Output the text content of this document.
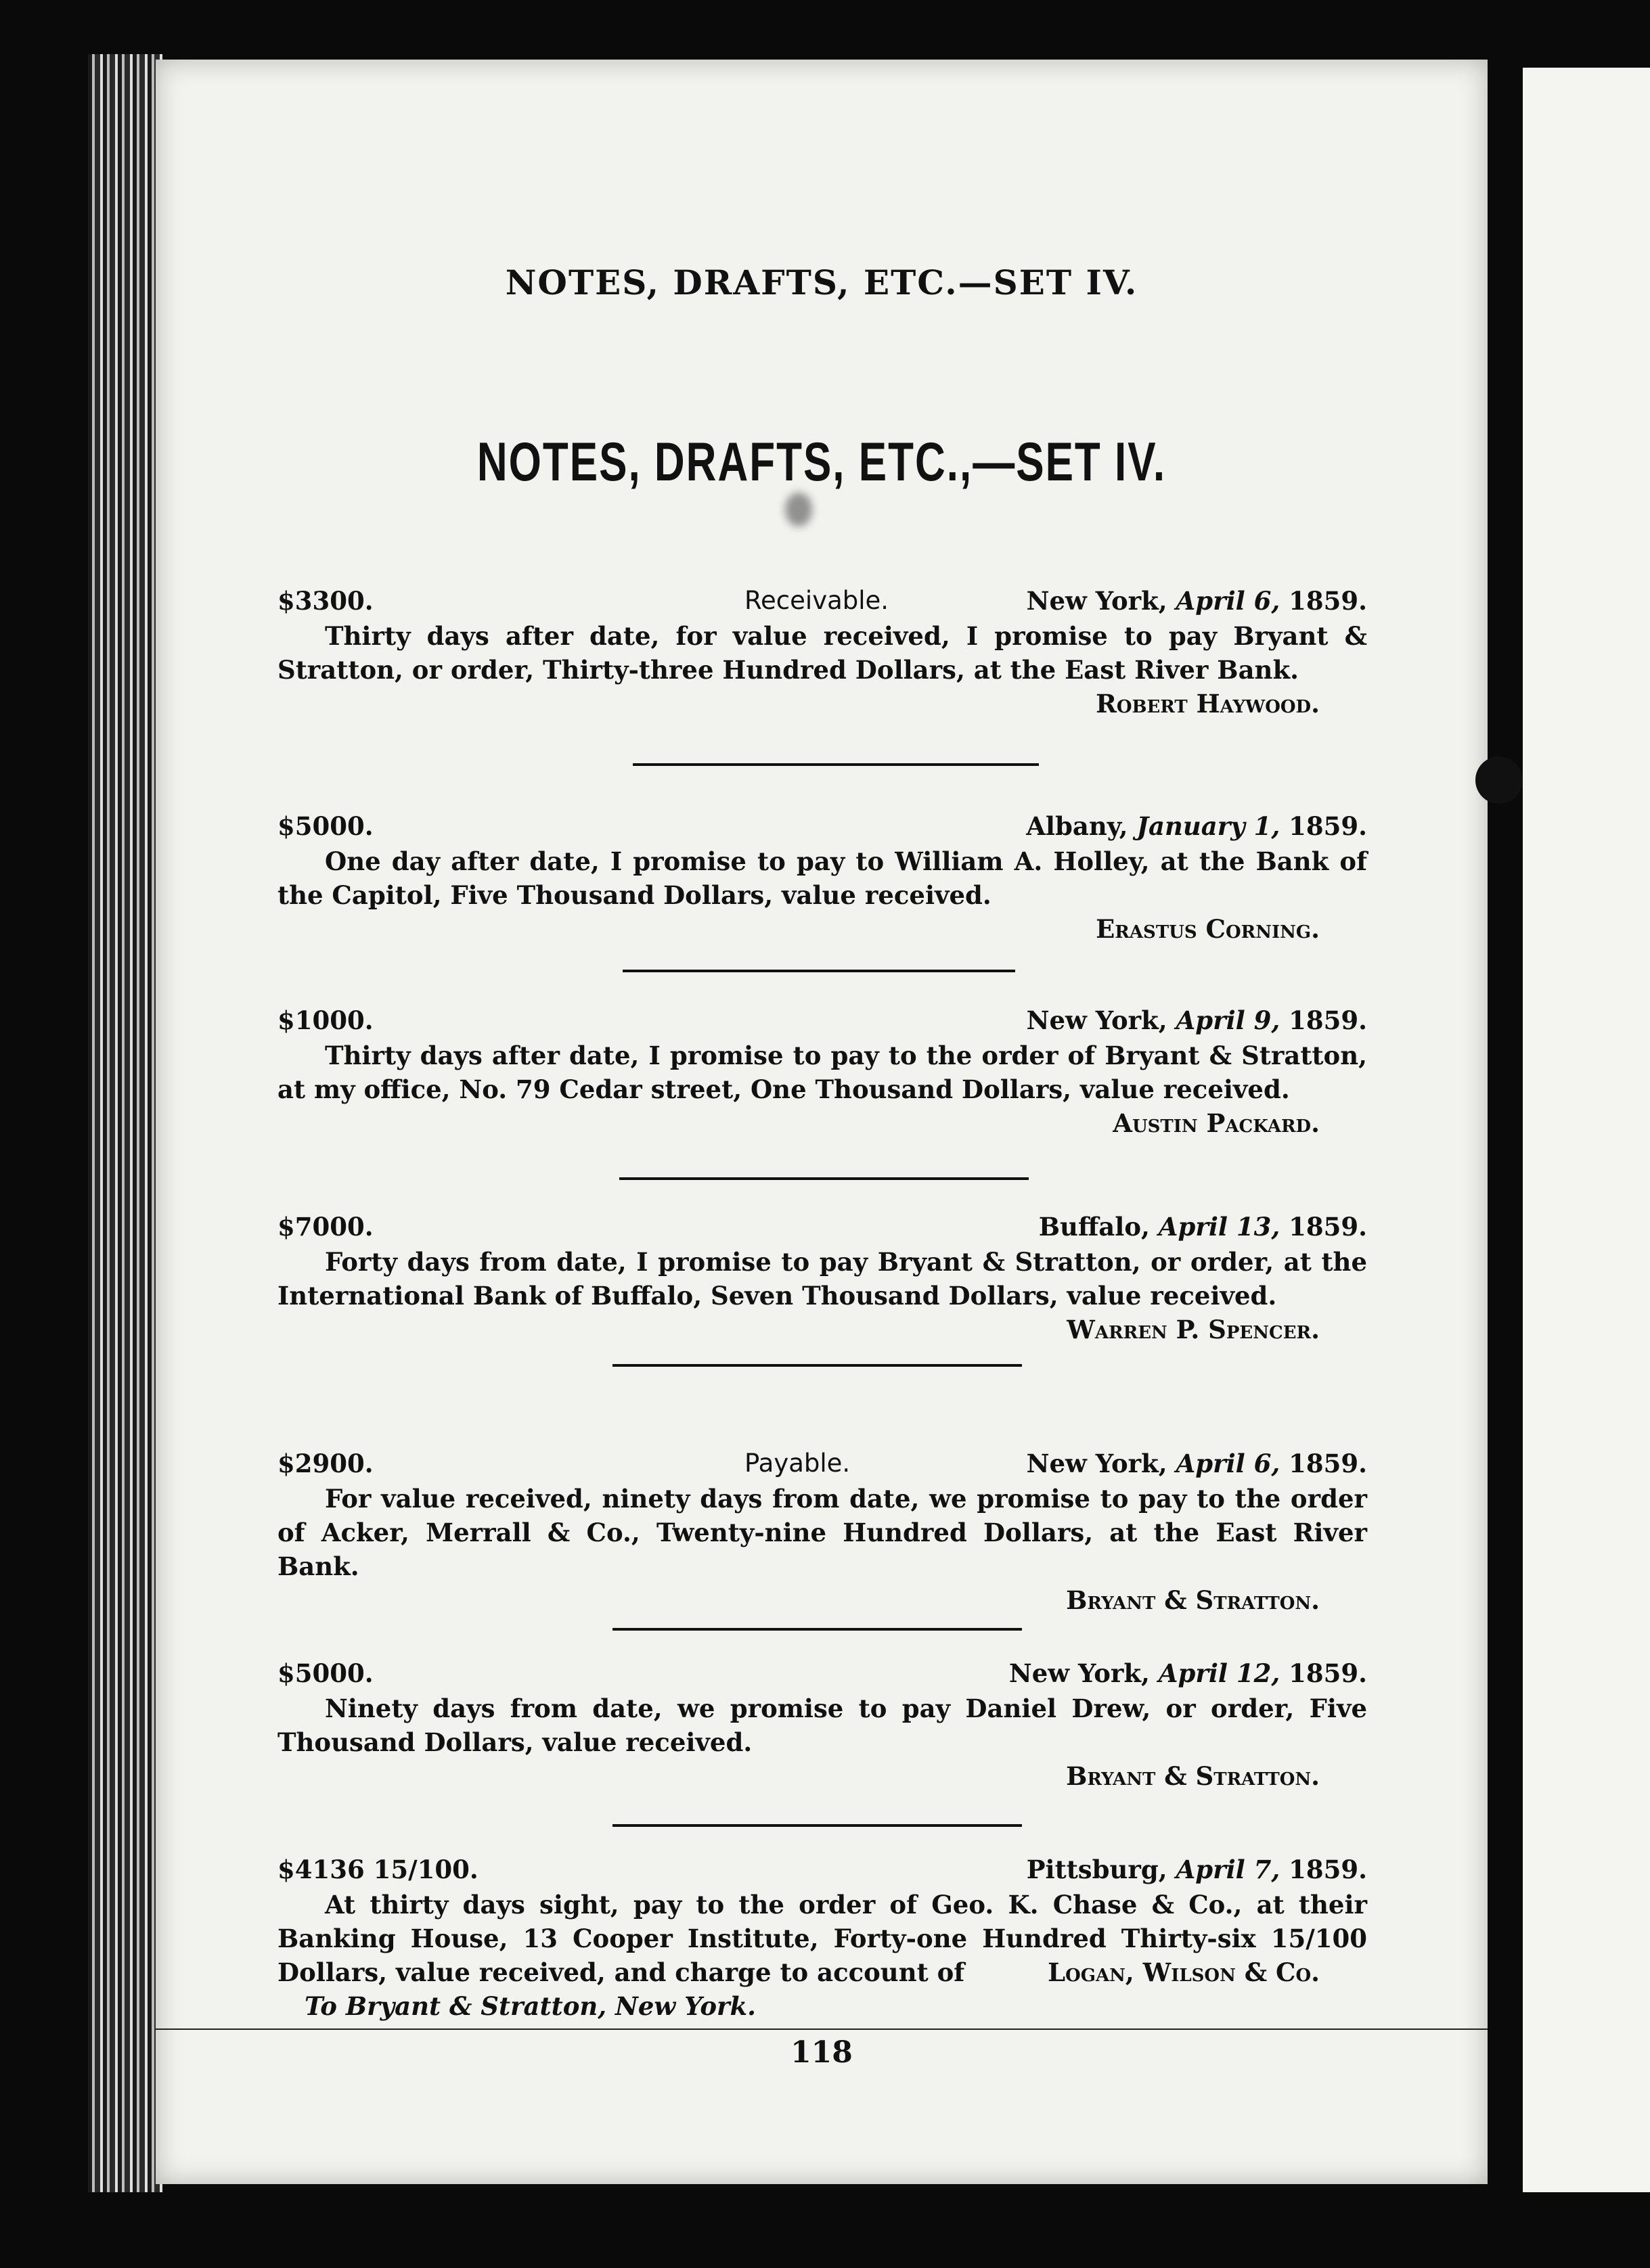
NOTES, DRAFTS, ETC.—SET IV.
NOTES, DRAFTS, ETC.,—SET IV.
$3300.	Receivable.	New York, April 6, 1859.
Thirty days after date, for value received, I promise to pay Bryant & Stratton, or order, Thirty-three Hundred Dollars, at the East River Bank.
Robert Haywood.
$5000.	Albany, January 1, 1859.
One day after date, I promise to pay to William A. Holley, at the Bank of the Capitol, Five Thousand Dollars, value received.
Erastus Corning.
$1000.	New York, April 9, 1859.
Thirty days after date, I promise to pay to the order of Bryant & Stratton, at my office, No. 79 Cedar street, One Thousand Dollars, value received.
Austin Packard.
$7000.	Buffalo, April 13, 1859.
Forty days from date, I promise to pay Bryant & Stratton, or order, at the International Bank of Buffalo, Seven Thousand Dollars, value received.
Warren P. Spencer.
$2900.	Payable.	New York, April 6, 1859.
For value received, ninety days from date, we promise to pay to the order of Acker, Merrall & Co., Twenty-nine Hundred Dollars, at the East River Bank.
Bryant & Stratton.
$5000.	New York, April 12, 1859.
Ninety days from date, we promise to pay Daniel Drew, or order, Five Thousand Dollars, value received.
Bryant & Stratton.
$4136 15/100.	Pittsburg, April 7, 1859.
At thirty days sight, pay to the order of Geo. K. Chase & Co., at their Banking House, 13 Cooper Institute, Forty-one Hundred Thirty-six 15/100 Dollars, value received, and charge to account of
To Bryant & Stratton, New York.
Logan, Wilson & Co.
118
